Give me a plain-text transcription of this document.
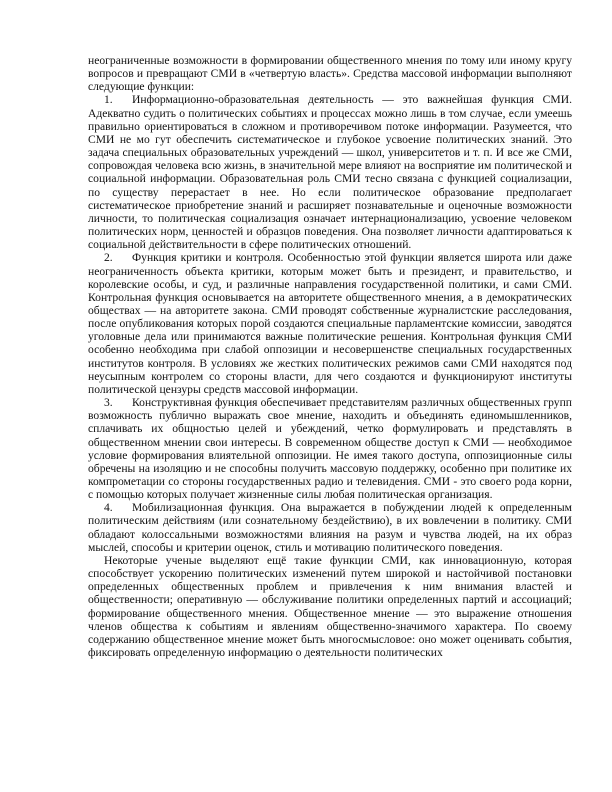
неограниченные возможности в формировании общественного мнения по тому или иному кругу вопросов и превращают СМИ в «четвертую власть». Средства массовой информации выполняют следующие функции:

1. Информационно-образовательная деятельность — это важнейшая функция СМИ. Адекватно судить о политических событиях и процессах можно лишь в том случае, если умеешь правильно ориентироваться в сложном и противоречивом потоке информации. Разумеется, что СМИ не мо гут обеспечить систематическое и глубокое усвоение политических знаний. Это задача специальных образовательных учреждений — школ, университетов и т. п. И все же СМИ, сопровождая человека всю жизнь, в значительной мере влияют на восприятие им политической и социальной информации. Образовательная роль СМИ тесно связана с функцией социализации, по существу перерастает в нее. Но если политическое образование предполагает систематическое приобретение знаний и расширяет познавательные и оценочные возможности личности, то политическая социализация означает интернационализацию, усвоение человеком политических норм, ценностей и образцов поведения. Она позволяет личности адаптироваться к социальной действительности в сфере политических отношений.

2. Функция критики и контроля. Особенностью этой функции является широта или даже неограниченность объекта критики, которым может быть и президент, и правительство, и королевские особы, и суд, и различные направления государственной политики, и сами СМИ. Контрольная функция основывается на авторитете общественного мнения, а в демократических обществах — на авторитете закона. СМИ проводят собственные журналистские расследования, после опубликования которых порой создаются специальные парламентские комиссии, заводятся уголовные дела или принимаются важные политические решения. Контрольная функция СМИ особенно необходима при слабой оппозиции и несовершенстве специальных государственных институтов контроля. В условиях же жестких политических режимов сами СМИ находятся под неусыпным контролем со стороны власти, для чего создаются и функционируют институты политической цензуры средств массовой информации.

3. Конструктивная функция обеспечивает представителям различных общественных групп возможность публично выражать свое мнение, находить и объединять единомышленников, сплачивать их общностью целей и убеждений, четко формулировать и представлять в общественном мнении свои интересы. В современном обществе доступ к СМИ — необходимое условие формирования влиятельной оппозиции. Не имея такого доступа, оппозиционные силы обречены на изоляцию и не способны получить массовую поддержку, особенно при политике их компрометации со стороны государственных радио и телевидения. СМИ - это своего рода корни, с помощью которых получает жизненные силы любая политическая организация.

4. Мобилизационная функция. Она выражается в побуждении людей к определенным политическим действиям (или сознательному бездействию), в их вовлечении в политику. СМИ обладают колоссальными возможностями влияния на разум и чувства людей, на их образ мыслей, способы и критерии оценок, стиль и мотивацию политического поведения.

Некоторые ученые выделяют ещё такие функции СМИ, как инновационную, которая способствует ускорению политических изменений путем широкой и настойчивой постановки определенных общественных проблем и привлечения к ним внимания властей и общественности; оперативную — обслуживание политики определенных партий и ассоциаций; формирование общественного мнения. Общественное мнение — это выражение отношения членов общества к событиям и явлениям общественно-значимого характера. По своему содержанию общественное мнение может быть многосмысловое: оно может оценивать события, фиксировать определенную информацию о деятельности политических
